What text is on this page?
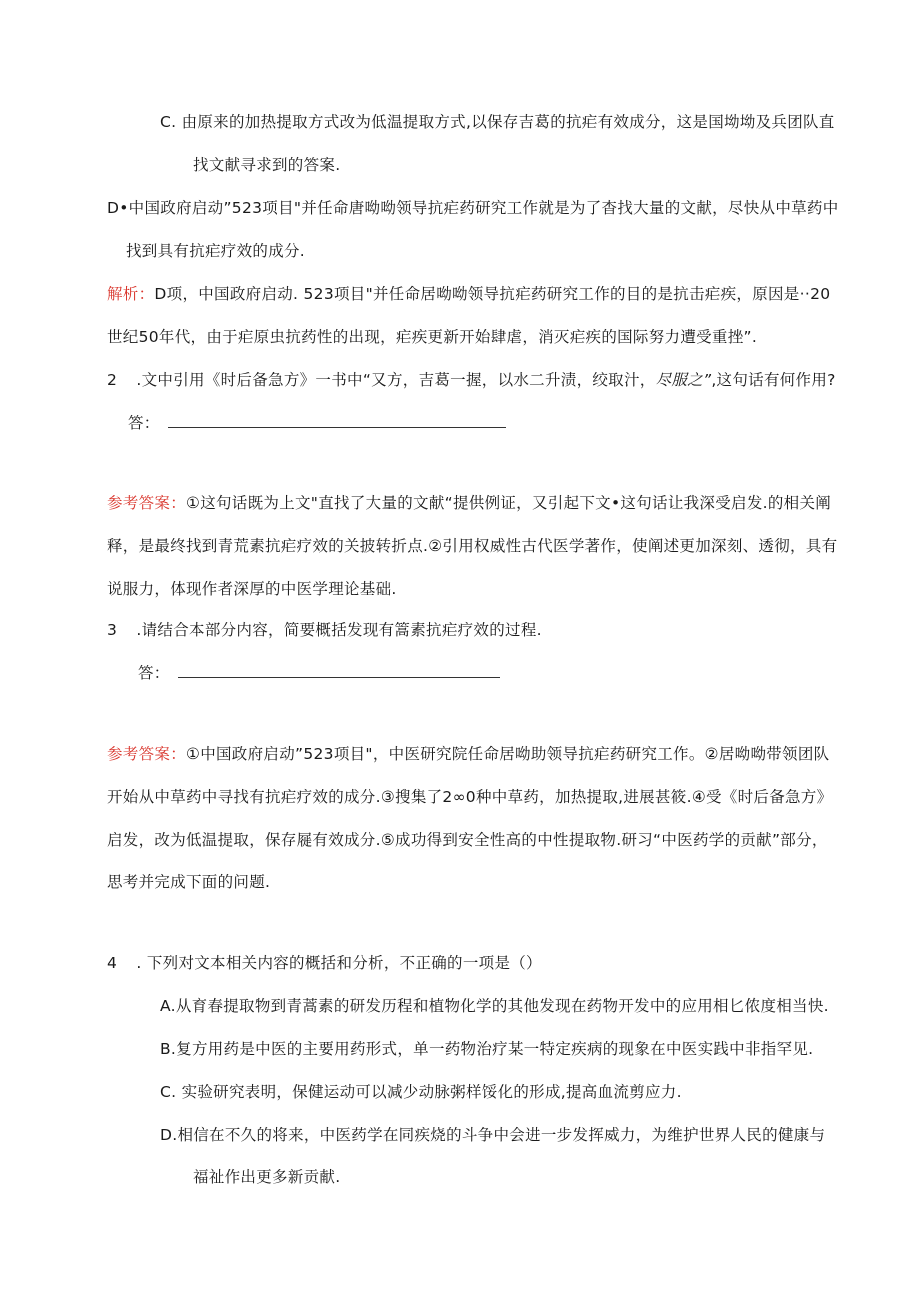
C. 由原来的加热提取方式改为低温提取方式,以保存吉葛的抗疟有效成分，这是国坳坳及兵团队直
找文献寻求到的答案.
D•中国政府启动”523项目"并任命唐呦呦领导抗疟药研究工作就是为了杳找大量的文献，尽快从中草药中
找到具有抗疟疗效的成分.
解析：D项，中国政府启动. 523项目"并任命居呦呦领导抗疟药研究工作的目的是抗击疟疾，原因是··20
世纪50年代，由于疟原虫抗药性的出现，疟疾更新开始肆虐，消灭疟疾的国际努力遭受重挫”.
2 .文中引用《时后备急方》一书中“又方，吉葛一握，以水二升渍，绞取汁，尽服之”,这句话有何作用?
答：
参考答案：①这句话既为上文"直找了大量的文献“提供例证，又引起下文•这句话让我深受启发.的相关阐
释，是最终找到青荒素抗疟疗效的关披转折点.②引用权威性古代医学著作，使阐述更加深刻、透彻，具有
说服力，体现作者深厚的中医学理论基础.
3 .请结合本部分内容，简要概括发现有篙素抗疟疗效的过程.
答：
参考答案：①中国政府启动”523项目"，中医研究院任命居呦助领导抗疟药研究工作。②居呦呦带领团队
开始从中草药中寻找有抗疟疗效的成分.③搜集了2∞0种中草药，加热提取,进展甚筱.④受《时后备急方》
启发，改为低温提取，保存屣有效成分.⑤成功得到安全性高的中性提取物.研习“中医药学的贡献”部分，
思考并完成下面的问题.
4 . 下列对文本相关内容的概括和分析，不正确的一项是（）
A.从育春提取物到青蒿素的研发历程和植物化学的其他发现在药物开发中的应用相匕侬度相当快.
B.复方用药是中医的主要用药形式，单一药物治疗某一特定疾病的现象在中医实践中非指罕见.
C. 实验研究表明，保健运动可以减少动脉粥样馁化的形成,提高血流剪应力.
D.相信在不久的将来，中医药学在同疾烧的斗争中会进一步发挥威力，为维护世界人民的健康与
福祉作出更多新贡献.
